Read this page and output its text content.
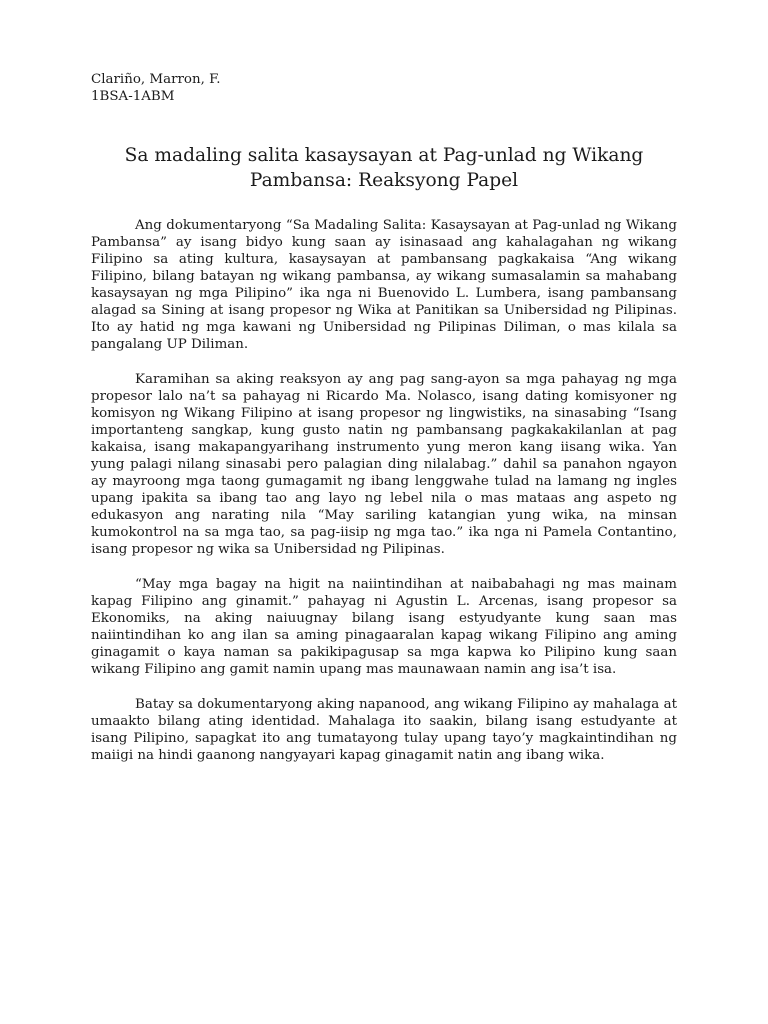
Clariño, Marron, F.
1BSA-1ABM
Sa madaling salita kasaysayan at Pag-unlad ng Wikang Pambansa: Reaksyong Papel

Ang dokumentaryong “Sa Madaling Salita: Kasaysayan at Pag-unlad ng Wikang Pambansa” ay isang bidyo kung saan ay isinasaad ang kahalagahan ng wikang Filipino sa ating kultura, kasaysayan at pambansang pagkakaisa “Ang wikang Filipino, bilang batayan ng wikang pambansa, ay wikang sumasalamin sa mahabang kasaysayan ng mga Pilipino” ika nga ni Buenovido L. Lumbera, isang pambansang alagad sa Sining at isang propesor ng Wika at Panitikan sa Unibersidad ng Pilipinas. Ito ay hatid ng mga kawani ng Unibersidad ng Pilipinas Diliman, o mas kilala sa pangalang UP Diliman.

Karamihan sa aking reaksyon ay ang pag sang-ayon sa mga pahayag ng mga propesor lalo na’t sa pahayag ni Ricardo Ma. Nolasco, isang dating komisyoner ng komisyon ng Wikang Filipino at isang propesor ng lingwistiks, na sinasabing “Isang importanteng sangkap, kung gusto natin ng pambansang pagkakakilanlan at pag kakaisa, isang makapangyarihang instrumento yung meron kang iisang wika. Yan yung palagi nilang sinasabi pero palagian ding nilalabag.” dahil sa panahon ngayon ay mayroong mga taong gumagamit ng ibang lenggwahe tulad na lamang ng ingles upang ipakita sa ibang tao ang layo ng lebel nila o mas mataas ang aspeto ng edukasyon ang narating nila “May sariling katangian yung wika, na minsan kumokontrol na sa mga tao, sa pag-iisip ng mga tao.” ika nga ni Pamela Contantino, isang propesor ng wika sa Unibersidad ng Pilipinas.

“May mga bagay na higit na naiintindihan at naibabahagi ng mas mainam kapag Filipino ang ginamit.” pahayag ni Agustin L. Arcenas, isang propesor sa Ekonomiks, na aking naiuugnay bilang isang estyudyante kung saan mas naiintindihan ko ang ilan sa aming pinagaaralan kapag wikang Filipino ang aming ginagamit o kaya naman sa pakikipagusap sa mga kapwa ko Pilipino kung saan wikang Filipino ang gamit namin upang mas maunawaan namin ang isa’t isa.

Batay sa dokumentaryong aking napanood, ang wikang Filipino ay mahalaga at umaakto bilang ating identidad. Mahalaga ito saakin, bilang isang estudyante at isang Pilipino, sapagkat ito ang tumatayong tulay upang tayo’y magkaintindihan ng maiigi na hindi gaanong nangyayari kapag ginagamit natin ang ibang wika.
